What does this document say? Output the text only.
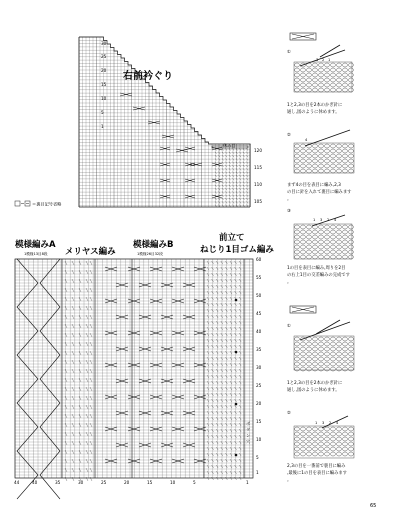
右前衿ぐり
休み目
30
25
20
15
10
5
1
120
115
110
105
＝裏目記号省略
模様編みA
1模様13目8段 メリヤス編み
模様編みB
1模様26目32段
前立て
ねじり1目ゴム編み
60
55
50
45
40
35
30
25
20
15
10
5
1
44	40	35	30	25	20	15	10	5	1
ボ タン穴
①
3 2 1
1と2,3の目を2本のかぎ針に 通し,図のように休めます。
②
4
まず4の目を表目に編み,2,3 の目に針を入れて裏目に編みます。
③
1 3 2 4
1の目を表目に編み,周りを2目 の右上1目の交差編みの完成です。
①
1と2,3の目を2本のかぎ針に 通し,図のように休めます。
②
1 3 2 4
2,3の目を一番前で裏目に編み ,最後に1の目を表目に編みます。
65
